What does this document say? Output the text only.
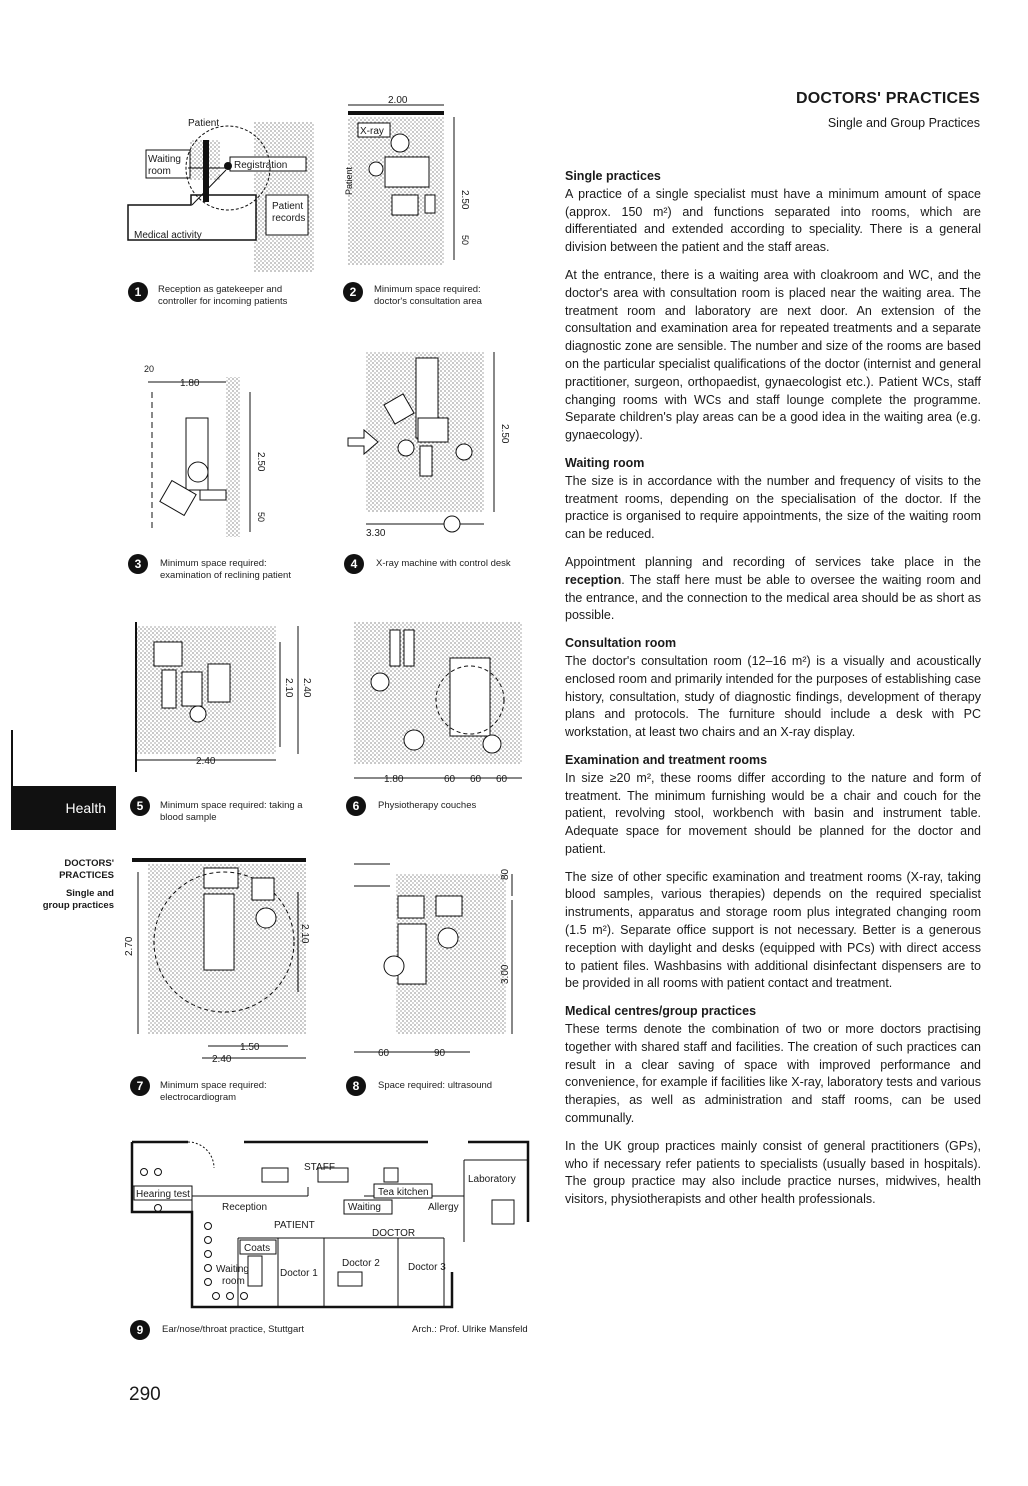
DOCTORS' PRACTICES
Single and Group Practices
Health
DOCTORS'
PRACTICES
Single and
group practices
Patient
Waiting
room
Registration
Patient
records
Medical activity
1	Reception as gatekeeper and
controller for incoming patients
2.00
X-ray
Patient
2.50
50
2	Minimum space required:
doctor's consultation area
20
1.80
2.50
50
3	Minimum space required:
examination of reclining patient
2.50
3.30
4	X-ray machine with control desk
2.10 2.40
2.40
5	Minimum space required: taking a
blood sample
1.80	60 60 60
6	Physiotherapy couches
2.70
2.10
1.50
2.40
7	Minimum space required:
electrocardiogram
80
3.00
60	90
8	Space required: ultrasound
STAFF
Laboratory
Hearing test	Tea kitchen
Reception	Waiting	Allergy
PATIENT
DOCTOR
Coats
Waiting
room
Doctor 1
Doctor 2	Doctor 3
9	Ear/nose/throat practice, Stuttgart	Arch.: Prof. Ulrike Mansfeld
Single practices

A practice of a single specialist must have a minimum amount of space (approx. 150 m²) and functions separated into rooms, which are differentiated and extended according to speciality. There is a general division between the patient and the staff areas.

At the entrance, there is a waiting area with cloakroom and WC, and the doctor's area with consultation room is placed near the waiting area. The treatment room and laboratory are next door. An extension of the consultation and examination area for repeated treatments and a separate diagnostic zone are sensible. The number and size of the rooms are based on the particular specialist qualifications of the doctor (internist and general practitioner, surgeon, orthopaedist, gynaecologist etc.). Patient WCs, staff changing rooms with WCs and staff lounge complete the programme. Separate children's play areas can be a good idea in the waiting area (e.g. gynaecology).

Waiting room

The size is in accordance with the number and frequency of visits to the treatment rooms, depending on the specialisation of the doctor. If the practice is organised to require appointments, the size of the waiting room can be reduced.

Appointment planning and recording of services take place in the reception. The staff here must be able to oversee the waiting room and the entrance, and the connection to the medical area should be as short as possible.

Consultation room

The doctor's consultation room (12–16 m²) is a visually and acoustically enclosed room and primarily intended for the purposes of establishing case history, consultation, study of diagnostic findings, development of therapy plans and protocols. The furniture should include a desk with PC workstation, at least two chairs and an X-ray display.

Examination and treatment rooms

In size ≥20 m², these rooms differ according to the nature and form of treatment. The minimum furnishing would be a chair and couch for the patient, revolving stool, workbench with basin and instrument table. Adequate space for movement should be planned for the doctor and patient.

The size of other specific examination and treatment rooms (X-ray, taking blood samples, various therapies) depends on the required specialist instruments, apparatus and storage room plus integrated changing room (1.5 m²). Separate office support is not necessary. Better is a generous reception with daylight and desks (equipped with PCs) with direct access to patient files. Washbasins with additional disinfectant dispensers are to be provided in all rooms with patient contact and treatment.

Medical centres/group practices

These terms denote the combination of two or more doctors practising together with shared staff and facilities. The creation of such practices can result in a clear saving of space with improved performance and convenience, for example if facilities like X-ray, laboratory tests and various therapies, as well as administration and staff rooms, can be used communally.

In the UK group practices mainly consist of general practitioners (GPs), who if necessary refer patients to specialists (usually based in hospitals). The group practice may also include practice nurses, midwives, health visitors, physiotherapists and other health professionals.

290
